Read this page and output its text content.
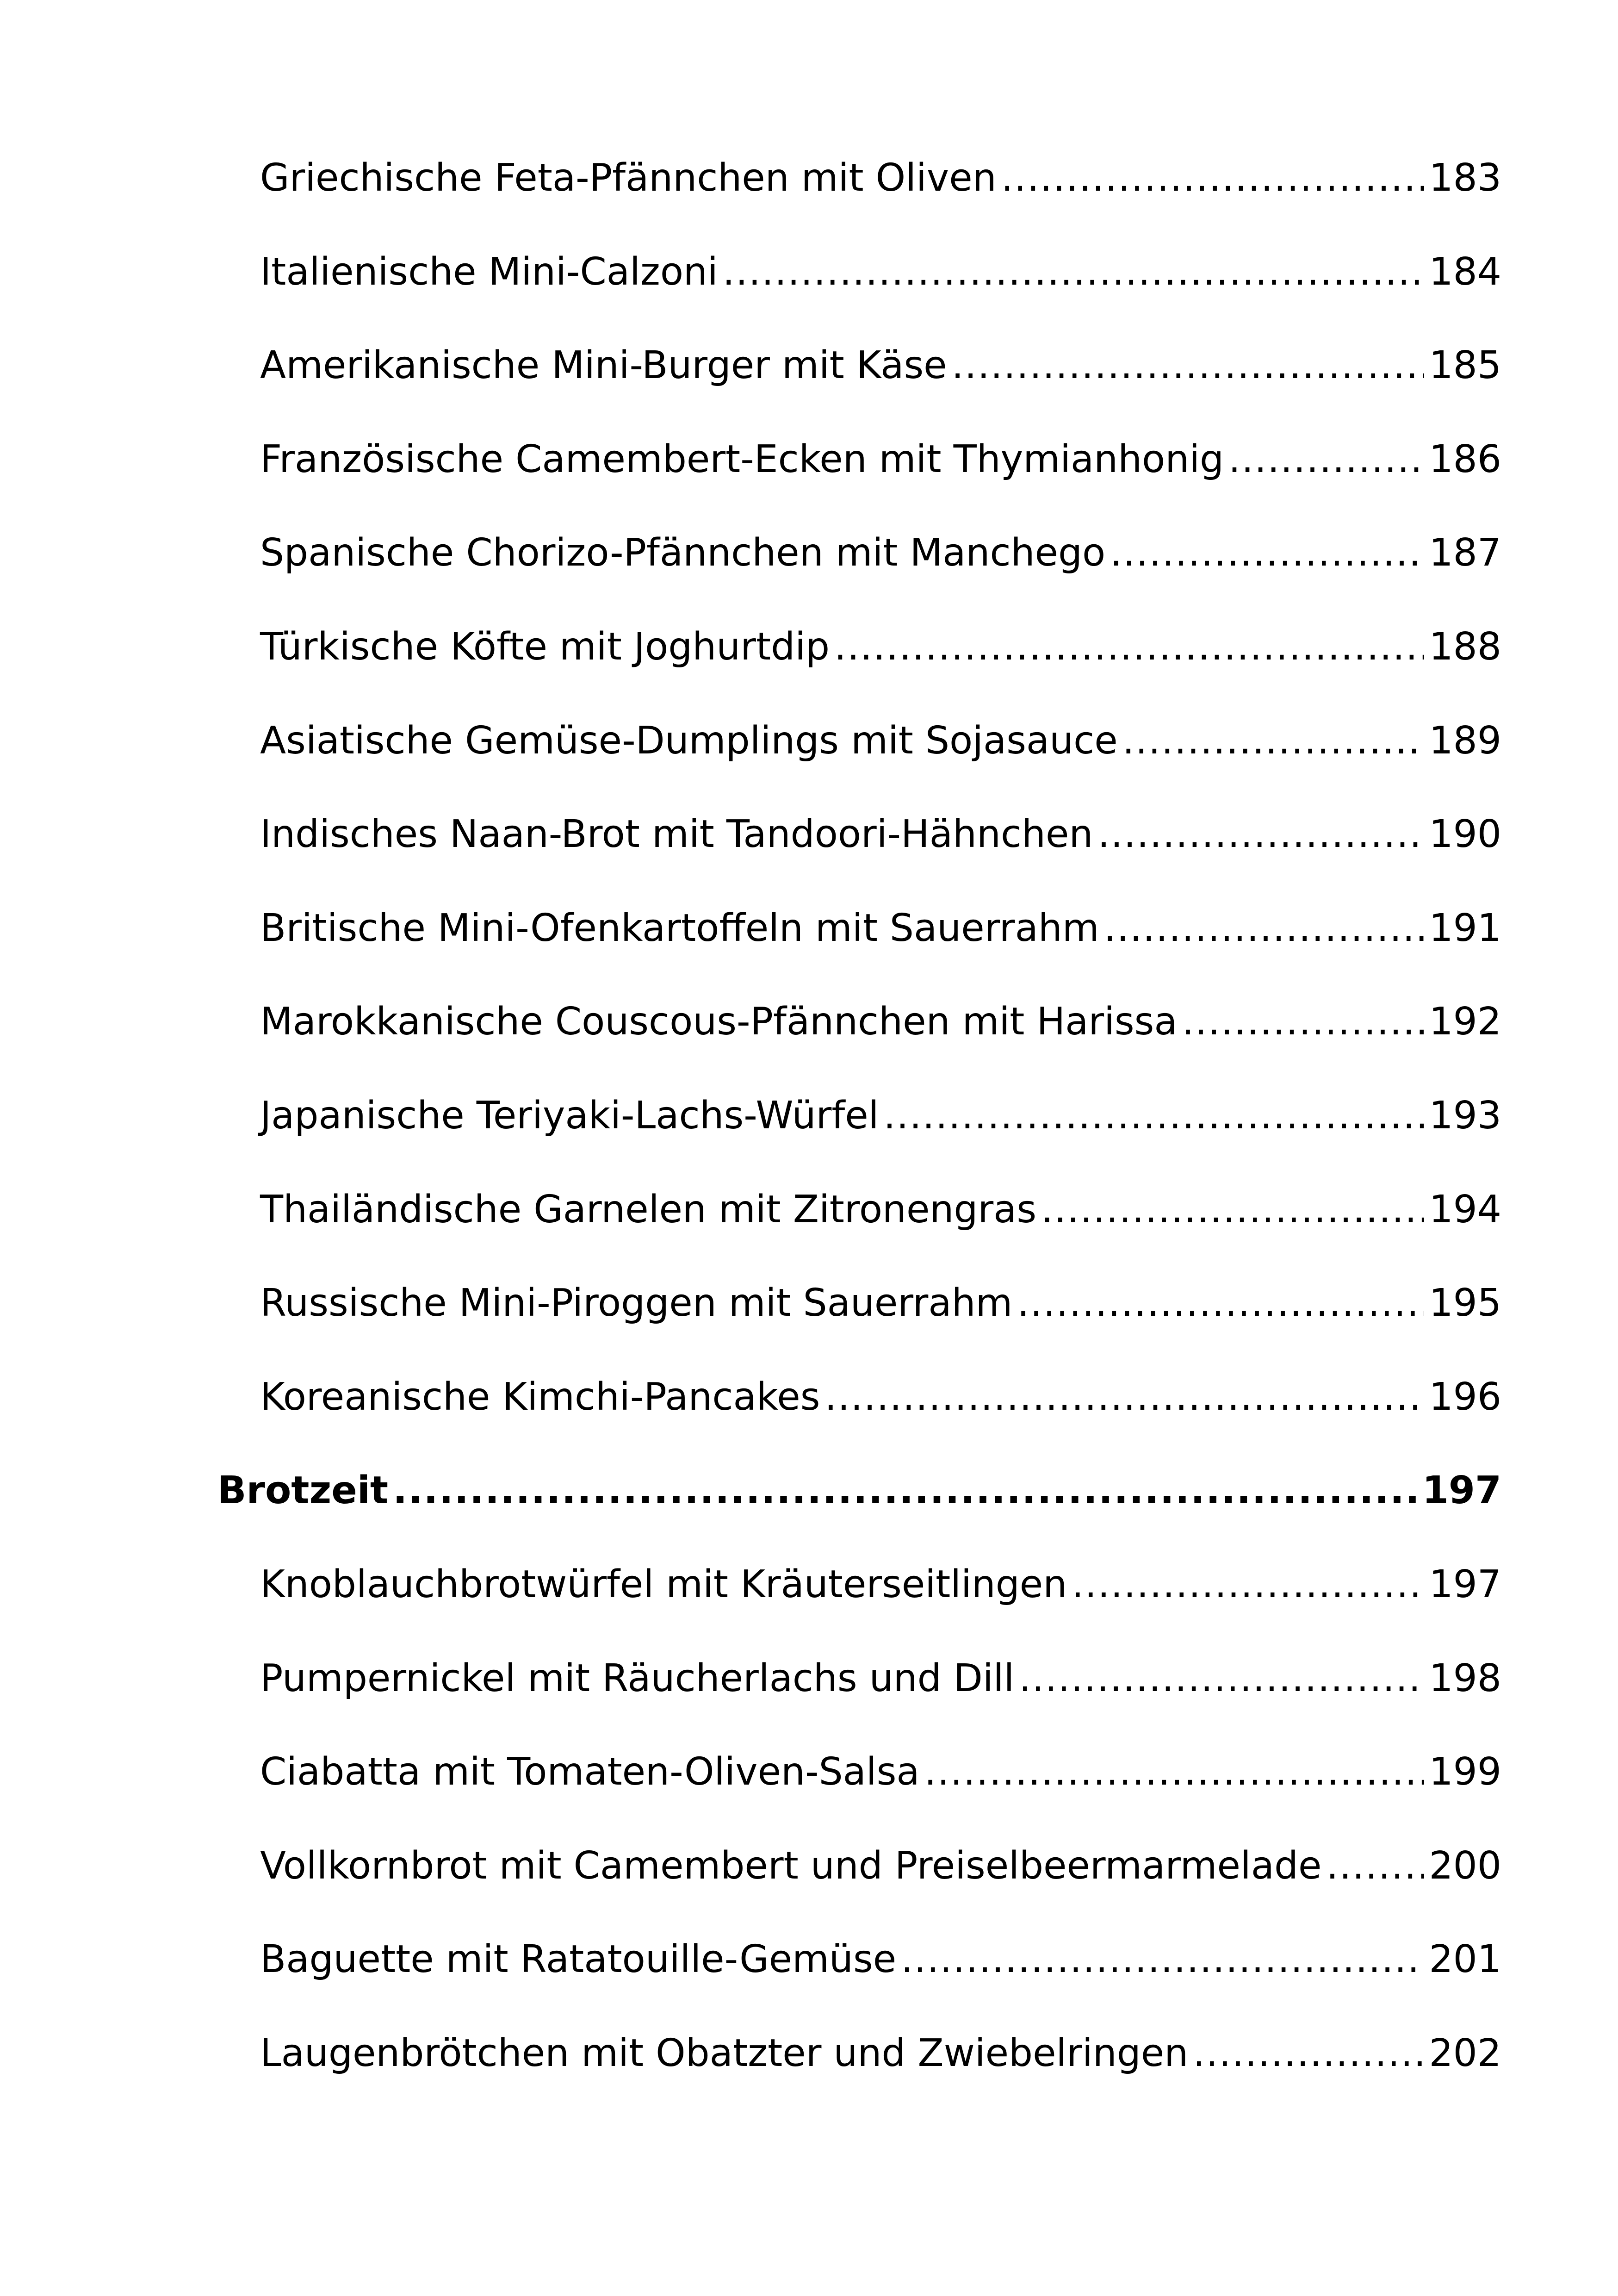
Griechische Feta-Pfännchen mit Oliven .....	183
Italienische Mini-Calzoni .....	184
Amerikanische Mini-Burger mit Käse .....	185
Französische Camembert-Ecken mit Thymianhonig .....	186
Spanische Chorizo-Pfännchen mit Manchego .....	187
Türkische Köfte mit Joghurtdip .....	188
Asiatische Gemüse-Dumplings mit Sojasauce .....	189
Indisches Naan-Brot mit Tandoori-Hähnchen .....	190
Britische Mini-Ofenkartoffeln mit Sauerrahm .....	191
Marokkanische Couscous-Pfännchen mit Harissa .....	192
Japanische Teriyaki-Lachs-Würfel .....	193
Thailändische Garnelen mit Zitronengras .....	194
Russische Mini-Piroggen mit Sauerrahm .....	195
Koreanische Kimchi-Pancakes .....	196
Brotzeit .....	197
Knoblauchbrotwürfel mit Kräuterseitlingen .....	197
Pumpernickel mit Räucherlachs und Dill .....	198
Ciabatta mit Tomaten-Oliven-Salsa .....	199
Vollkornbrot mit Camembert und Preiselbeermarmelade .....	200
Baguette mit Ratatouille-Gemüse .....	201
Laugenbrötchen mit Obatzter und Zwiebelringen .....	202
